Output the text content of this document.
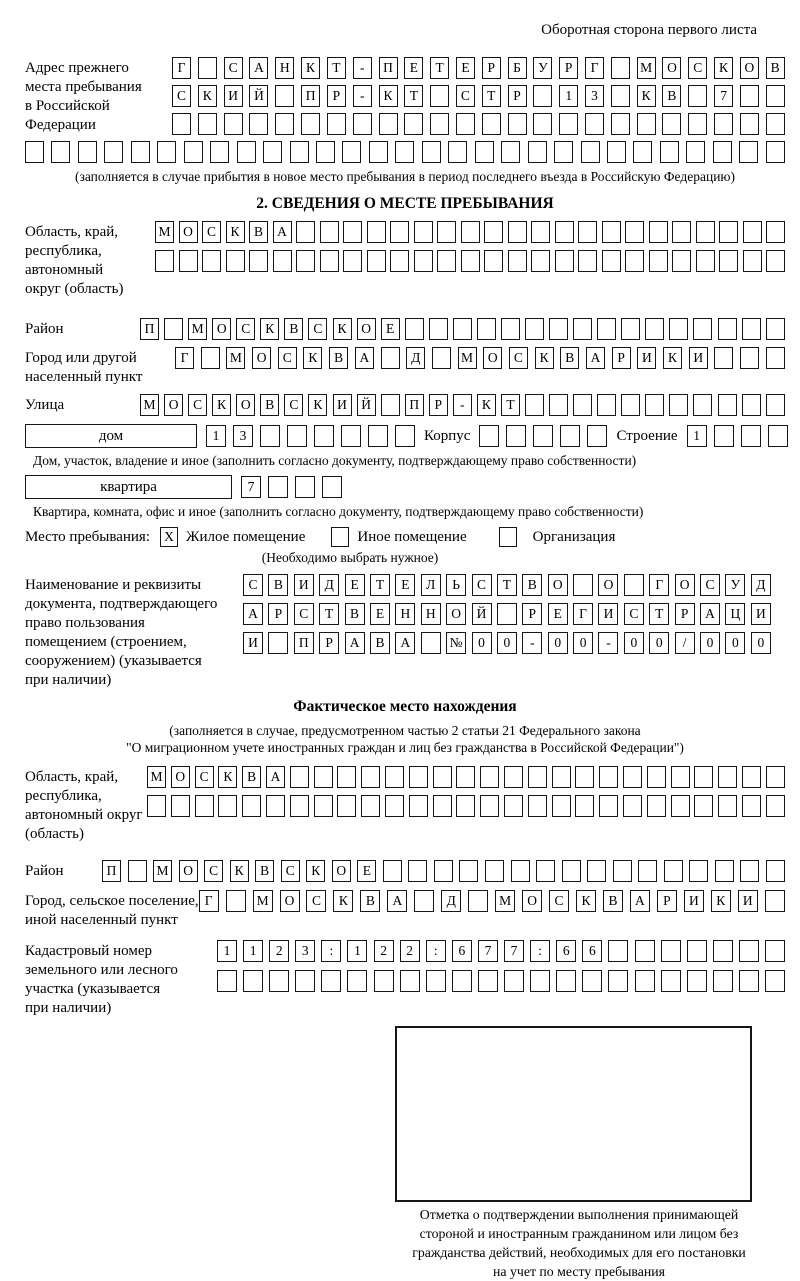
Оборотная сторона первого листа
Адрес прежнего
места пребывания
в Российской
Федерации
Г	С	А	Н	К	Т	-	П	Е	Т	Е	Р	Б	У	Р	Г	М	О	С	К	О	В
С	К	И	Й	П	Р	-	К	Т	С	Т	Р	1	3	К	В	7
(заполняется в случае прибытия в новое место пребывания в период последнего въезда в Российскую Федерацию)
2. СВЕДЕНИЯ О МЕСТЕ ПРЕБЫВАНИЯ
Область, край,
республика,
автономный
округ (область)
М О	С	К	В	А
Район	П	М О	С	К	В	С	К	О	Е
Город или другой
населенный пункт
Г	М	О	С	К	В	А	Д	М	О	С	К	В	А	Р	И	К	И
Улица	М О	С	К	О	В	С	К	И	Й	П	Р	-	К	Т
дом	1	3	Корпус	Строение	1
Дом, участок, владение и иное (заполнить согласно документу, подтверждающему право собственности)
квартира	7
Квартира, комната, офис и иное (заполнить согласно документу, подтверждающему право собственности)
Место пребывания:	X Жилое помещение	Иное помещение	Организация
(Необходимо выбрать нужное)
Наименование и реквизиты
документа, подтверждающего
право пользования
помещением (строением,
сооружением) (указывается
при наличии)
С	В	И	Д	Е	Т	Е	Л	Ь	С	Т	В	О	О	Г	О	С	У	Д
А	Р	С	Т	В	Е	Н	Н	О	Й	Р	Е	Г	И	С	Т	Р	А	Ц	И
И	П	Р	А	В	А	№	0	0	-	0	0	-	0	0	/	0	0	0
Фактическое место нахождения
(заполняется в случае, предусмотренном частью 2 статьи 21 Федерального закона
"О миграционном учете иностранных граждан и лиц без гражданства в Российской Федерации")
Область, край,
республика,
автономный округ
(область)
М О	С	К	В	А
Район	П	М	О	С	К	В	С	К	О	Е
Город, сельское поселение,
иной населенный пункт
Г	М	О	С	К	В	А	Д	М	О	С	К	В	А	Р	И	К	И
Кадастровый номер
земельного или лесного
участка (указывается
при наличии)
1	1	2	3	:	1	2	2	:	6	7	7	:	6	6
Отметка о подтверждении выполнения принимающей
стороной и иностранным гражданином или лицом без
гражданства действий, необходимых для его постановки
на учет по месту пребывания
